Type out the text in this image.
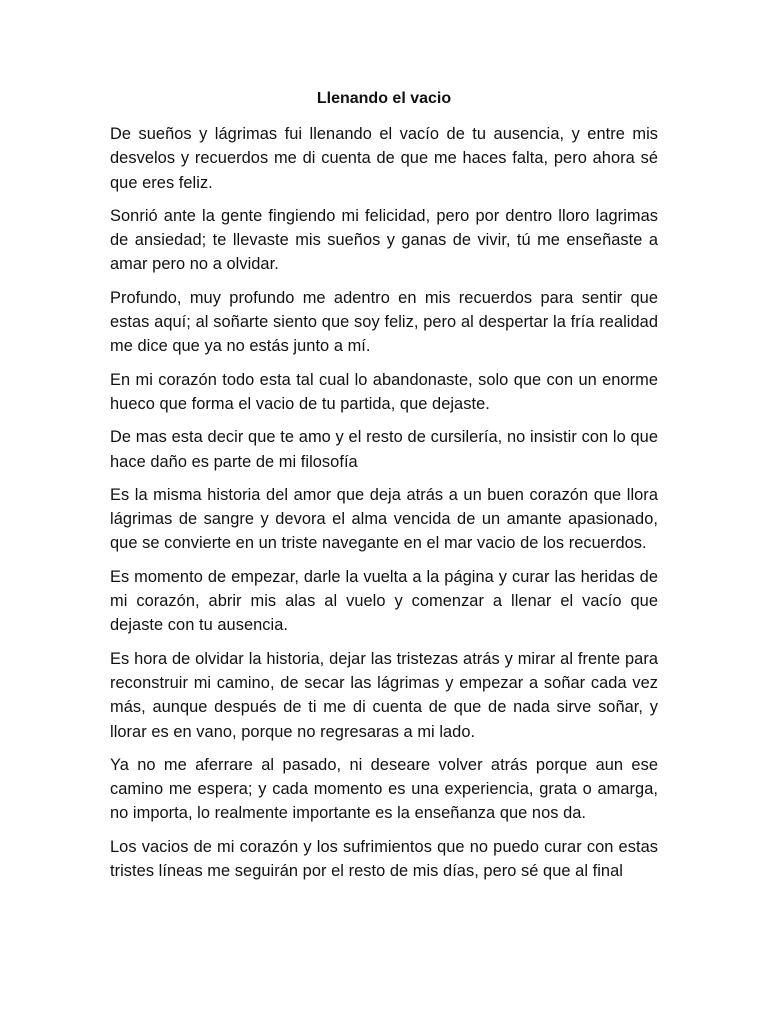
Llenando el vacio

De sueños y lágrimas fui llenando el vacío de tu ausencia, y entre mis desvelos y recuerdos me di cuenta de que me haces falta, pero ahora sé que eres feliz.

Sonrió ante la gente fingiendo mi felicidad, pero por dentro lloro lagrimas de ansiedad; te llevaste mis sueños y ganas de vivir, tú me enseñaste a amar pero no a olvidar.

Profundo, muy profundo me adentro en mis recuerdos para sentir que estas aquí; al soñarte siento que soy feliz, pero al despertar la fría realidad me dice que ya no estás junto a mí.

En mi corazón todo esta tal cual lo abandonaste, solo que con un enorme hueco que forma el vacio de tu partida, que dejaste.

De mas esta decir que te amo y el resto de cursilería, no insistir con lo que hace daño es parte de mi filosofía

Es la misma historia del amor que deja atrás a un buen corazón que llora lágrimas de sangre y devora el alma vencida de un amante apasionado, que se convierte en un triste navegante en el mar vacio de los recuerdos.

Es momento de empezar, darle la vuelta a la página y curar las heridas de mi corazón, abrir mis alas al vuelo y comenzar a llenar el vacío que dejaste con tu ausencia.

Es hora de olvidar la historia, dejar las tristezas atrás y mirar al frente para reconstruir mi camino, de secar las lágrimas y empezar a soñar cada vez más, aunque después de ti me di cuenta de que de nada sirve soñar, y llorar es en vano, porque no regresaras a mi lado.

Ya no me aferrare al pasado, ni deseare volver atrás porque aun ese camino me espera; y cada momento es una experiencia, grata o amarga, no importa, lo realmente importante es la enseñanza que nos da.

Los vacios de mi corazón y los sufrimientos que no puedo curar con estas tristes líneas me seguirán por el resto de mis días, pero sé que al final
